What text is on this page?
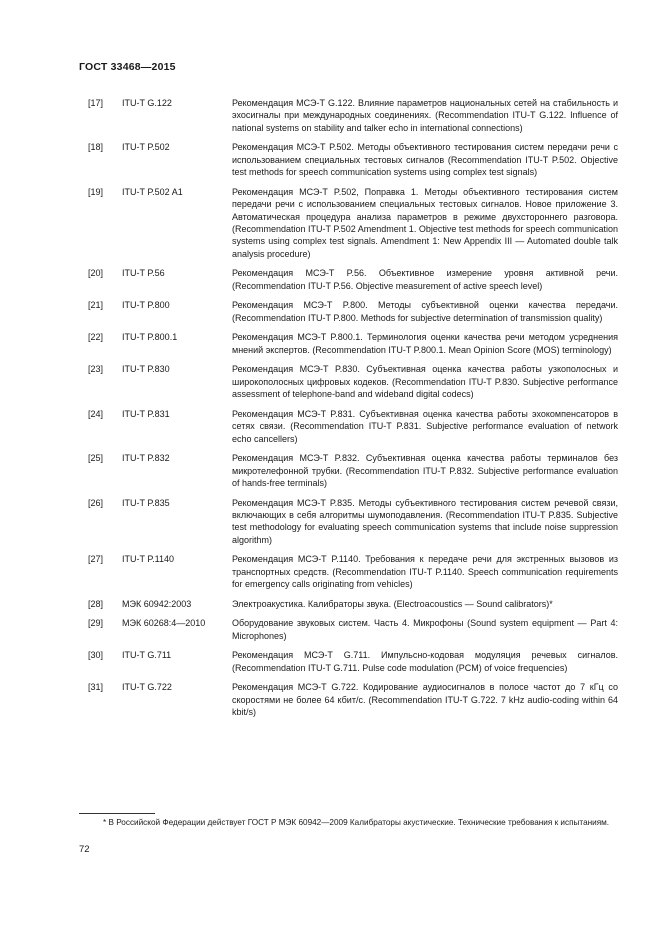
ГОСТ 33468—2015
[17]	ITU-T G.122	Рекомендация МСЭ-Т G.122. Влияние параметров национальных сетей на стабильность и эхосигналы при международных соединениях. (Recommendation ITU-T G.122. Influence of national systems on stability and talker echo in international connections)
[18]	ITU-T P.502	Рекомендация МСЭ-Т P.502. Методы объективного тестирования систем передачи речи с использованием специальных тестовых сигналов (Recommendation ITU-T P.502. Objective test methods for speech communication systems using complex test signals)
[19]	ITU-T P.502 A1	Рекомендация МСЭ-Т P.502, Поправка 1. Методы объективного тестирования систем передачи речи с использованием специальных тестовых сигналов. Новое приложение 3. Автоматическая процедура анализа параметров в режиме двухстороннего разговора. (Recommendation ITU-T P.502 Amendment 1. Objective test methods for speech communication systems using complex test signals. Amendment 1: New Appendix III — Automated double talk analysis procedure)
[20]	ITU-T P.56	Рекомендация МСЭ-Т P.56. Объективное измерение уровня активной речи. (Recommendation ITU-T P.56. Objective measurement of active speech level)
[21]	ITU-T P.800	Рекомендация МСЭ-Т P.800. Методы субъективной оценки качества передачи. (Recommendation ITU-T P.800. Methods for subjective determination of transmission quality)
[22]	ITU-T P.800.1	Рекомендация МСЭ-Т P.800.1. Терминология оценки качества речи методом усреднения мнений экспертов. (Recommendation ITU-T P.800.1. Mean Opinion Score (MOS) terminology)
[23]	ITU-T P.830	Рекомендация МСЭ-Т P.830. Субъективная оценка качества работы узкополосных и широкополосных цифровых кодеков. (Recommendation ITU-T P.830. Subjective performance assessment of telephone-band and wideband digital codecs)
[24]	ITU-T P.831	Рекомендация МСЭ-Т P.831. Субъективная оценка качества работы эхокомпенсаторов в сетях связи. (Recommendation ITU-T P.831. Subjective performance evaluation of network echo cancellers)
[25]	ITU-T P.832	Рекомендация МСЭ-Т P.832. Субъективная оценка качества работы терминалов без микротелефонной трубки. (Recommendation ITU-T P.832. Subjective performance evaluation of hands-free terminals)
[26]	ITU-T P.835	Рекомендация МСЭ-Т P.835. Методы субъективного тестирования систем речевой связи, включающих в себя алгоритмы шумоподавления. (Recommendation ITU-T P.835. Subjective test methodology for evaluating speech communication systems that include noise suppression algorithm)
[27]	ITU-T P.1140	Рекомендация МСЭ-Т P.1140. Требования к передаче речи для экстренных вызовов из транспортных средств. (Recommendation ITU-T P.1140. Speech communication requirements for emergency calls originating from vehicles)
[28]	МЭК 60942:2003	Электроакустика. Калибраторы звука. (Electroacoustics — Sound calibrators)*
[29]	МЭК 60268:4—2010	Оборудование звуковых систем. Часть 4. Микрофоны (Sound system equipment — Part 4: Microphones)
[30]	ITU-T G.711	Рекомендация МСЭ-Т G.711. Импульсно-кодовая модуляция речевых сигналов. (Recommendation ITU-T G.711. Pulse code modulation (PCM) of voice frequencies)
[31]	ITU-T G.722	Рекомендация МСЭ-Т G.722. Кодирование аудиосигналов в полосе частот до 7 кГц со скоростями не более 64 кбит/с. (Recommendation ITU-T G.722. 7 kHz audio-coding within 64 kbit/s)
* В Российской Федерации действует ГОСТ Р МЭК 60942—2009 Калибраторы акустические. Технические требования к испытаниям.
72
